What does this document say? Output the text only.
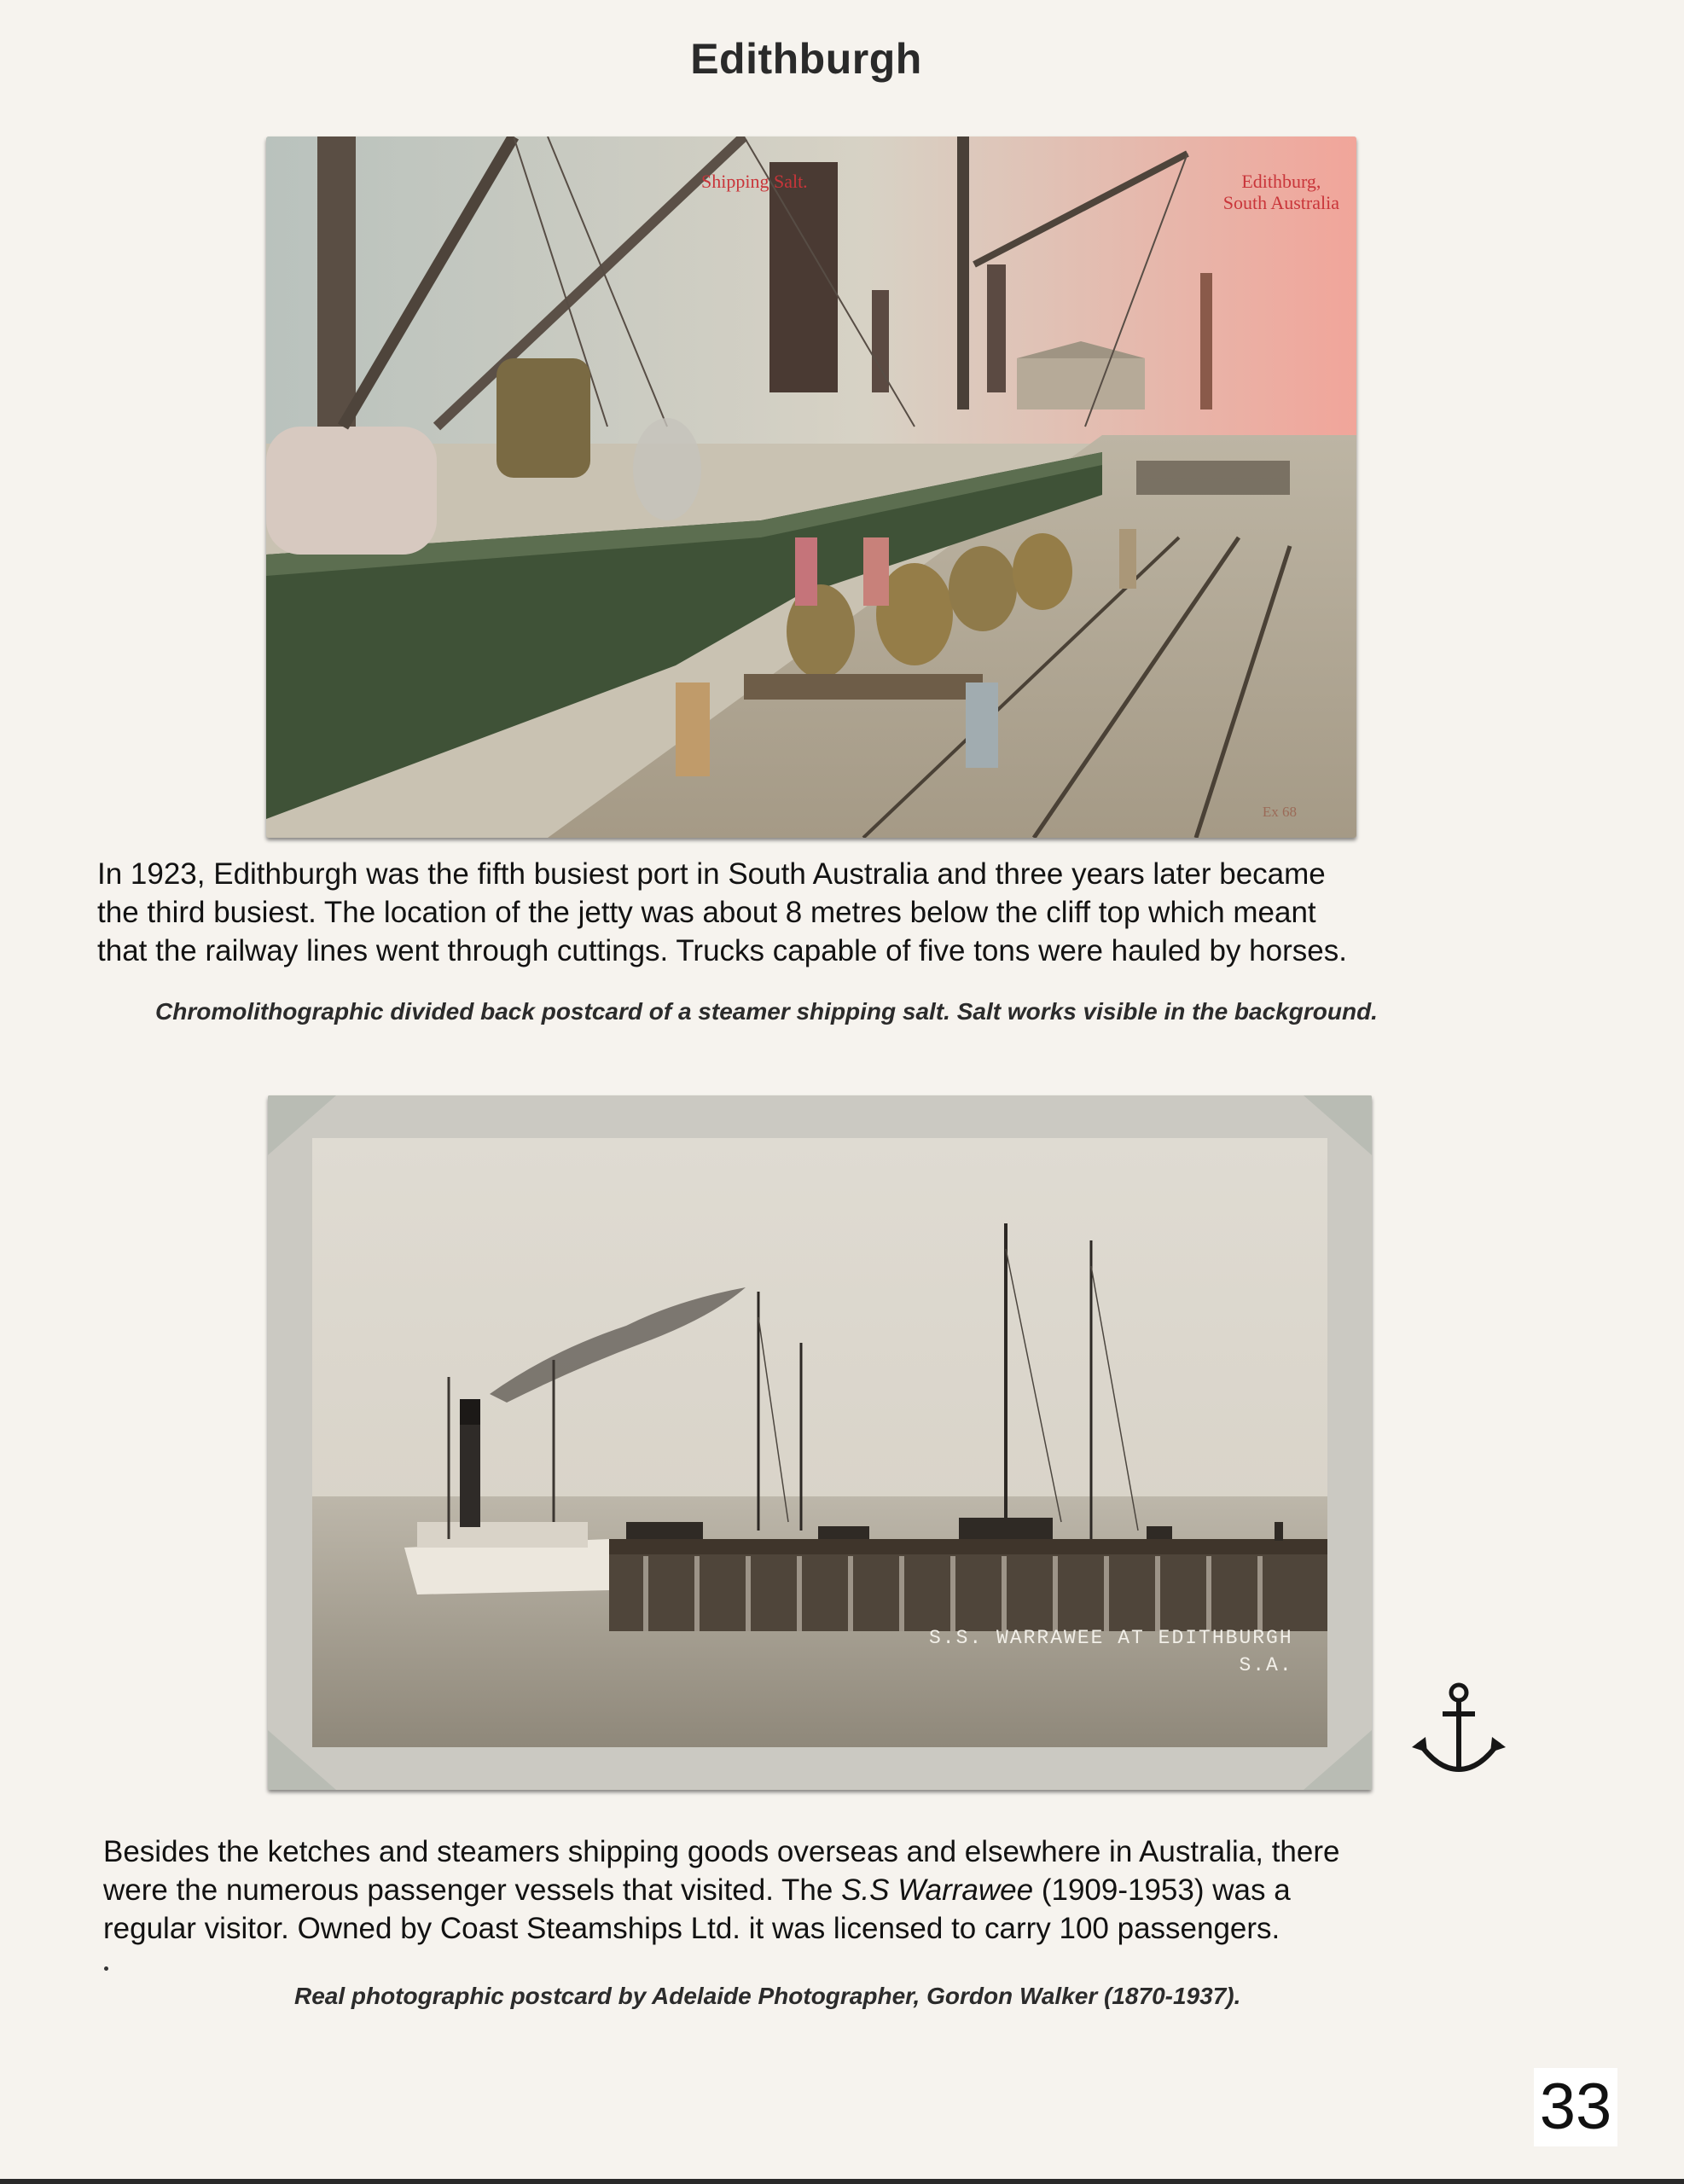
Edithburgh
Shipping Salt.	Edithburg,
South Australia
Ex 68
In 1923, Edithburgh was the fifth busiest port in South Australia and three years later became
the third busiest. The location of the jetty was about 8 metres below the cliff top which meant
that the railway lines went through cuttings. Trucks capable of five tons were hauled by horses.
Chromolithographic divided back postcard of a steamer shipping salt. Salt works visible in the background.
S.S. WARRAWEE AT EDITHBURGH
S.A.
Besides the ketches and steamers shipping goods overseas and elsewhere in Australia, there
were the numerous passenger vessels that visited. The S.S Warrawee (1909-1953) was a
regular visitor. Owned by Coast Steamships Ltd. it was licensed to carry 100 passengers.
Real photographic postcard by Adelaide Photographer, Gordon Walker (1870-1937).
33
